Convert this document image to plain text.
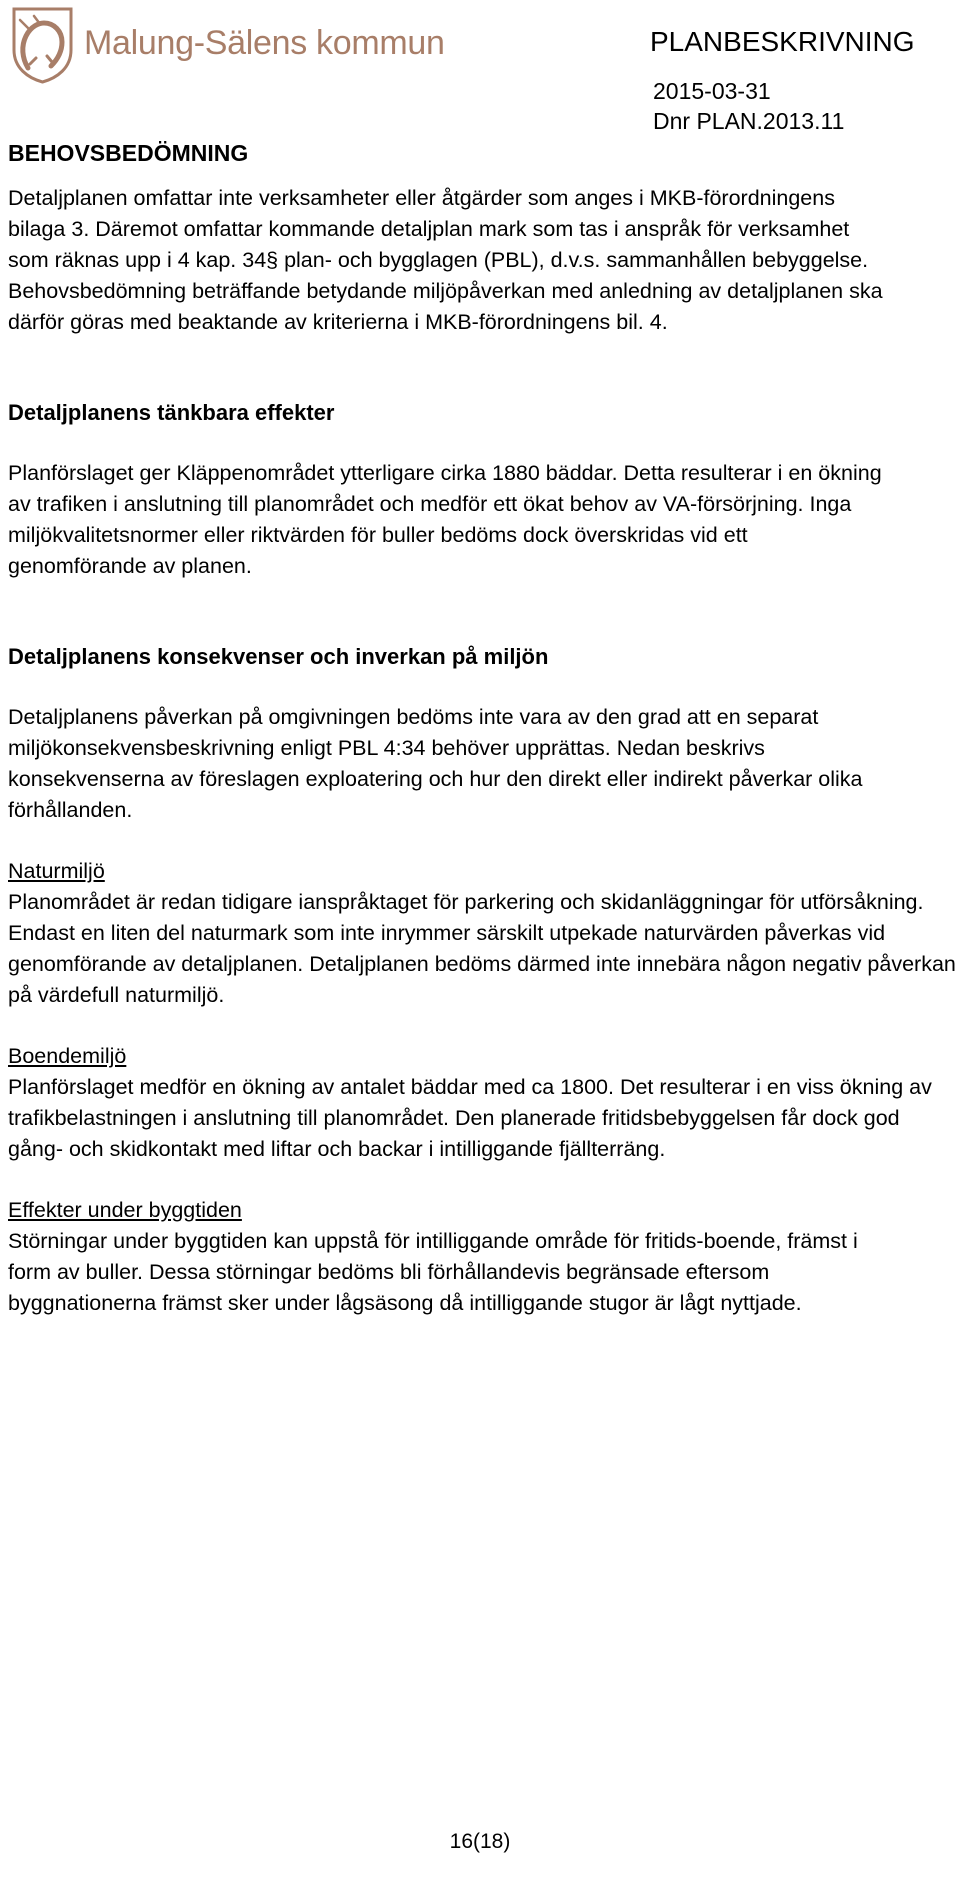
Malung-Sälens kommun	PLANBESKRIVNING
2015-03-31
Dnr PLAN.2013.11
BEHOVSBEDÖMNING

Detaljplanen omfattar inte verksamheter eller åtgärder som anges i MKB-förordningens bilaga 3. Däremot omfattar kommande detaljplan mark som tas i anspråk för verksamhet som räknas upp i 4 kap. 34§ plan- och bygglagen (PBL), d.v.s. sammanhållen bebyggelse. Behovsbedömning beträffande betydande miljöpåverkan med anledning av detaljplanen ska därför göras med beaktande av kriterierna i MKB-förordningens bil. 4.

Detaljplanens tänkbara effekter

Planförslaget ger Kläppenområdet ytterligare cirka 1880 bäddar. Detta resulterar i en ökning av trafiken i anslutning till planområdet och medför ett ökat behov av VA-försörjning. Inga miljökvalitetsnormer eller riktvärden för buller bedöms dock överskridas vid ett genomförande av planen.

Detaljplanens konsekvenser och inverkan på miljön

Detaljplanens påverkan på omgivningen bedöms inte vara av den grad att en separat miljökonsekvensbeskrivning enligt PBL 4:34 behöver upprättas. Nedan beskrivs konsekvenserna av föreslagen exploatering och hur den direkt eller indirekt påverkar olika förhållanden.

Naturmiljö

Planområdet är redan tidigare ianspråktaget för parkering och skidanläggningar för utförsåkning. Endast en liten del naturmark som inte inrymmer särskilt utpekade naturvärden påverkas vid genomförande av detaljplanen. Detaljplanen bedöms därmed inte innebära någon negativ påverkan på värdefull naturmiljö.

Boendemiljö

Planförslaget medför en ökning av antalet bäddar med ca 1800. Det resulterar i en viss ökning av trafikbelastningen i anslutning till planområdet. Den planerade fritidsbebyggelsen får dock god gång- och skidkontakt med liftar och backar i intilliggande fjällterräng.

Effekter under byggtiden

Störningar under byggtiden kan uppstå för intilliggande område för fritids-boende, främst i form av buller. Dessa störningar bedöms bli förhållandevis begränsade eftersom byggnationerna främst sker under lågsäsong då intilliggande stugor är lågt nyttjade.

16(18)
